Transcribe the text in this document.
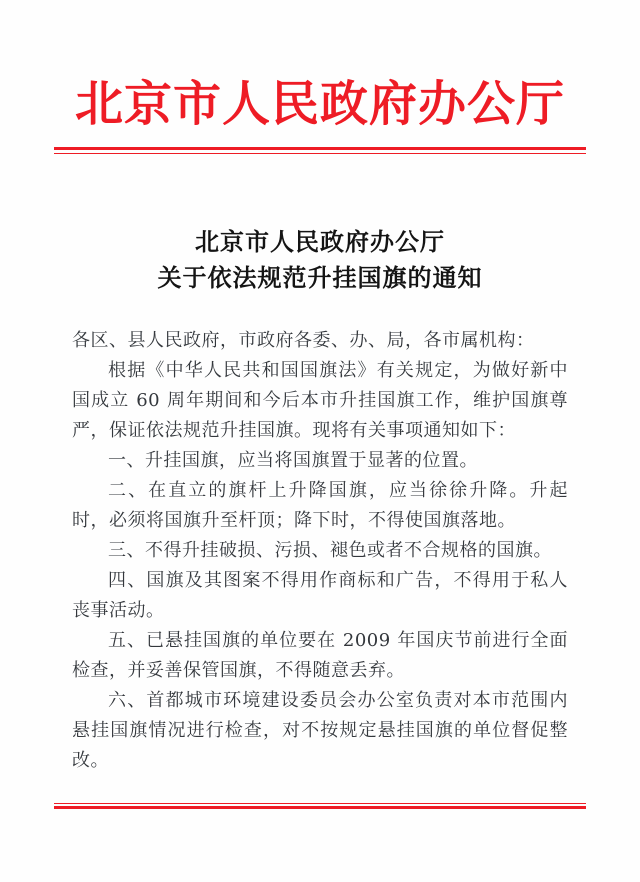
北京市人民政府办公厅
北京市人民政府办公厅
关于依法规范升挂国旗的通知

各区、县人民政府，市政府各委、办、局，各市属机构：

根据《中华人民共和国国旗法》有关规定，为做好新中国成立 60 周年期间和今后本市升挂国旗工作，维护国旗尊严，保证依法规范升挂国旗。现将有关事项通知如下：

一、升挂国旗，应当将国旗置于显著的位置。

二、在直立的旗杆上升降国旗，应当徐徐升降。升起时，必须将国旗升至杆顶；降下时，不得使国旗落地。

三、不得升挂破损、污损、褪色或者不合规格的国旗。

四、国旗及其图案不得用作商标和广告，不得用于私人丧事活动。

五、已悬挂国旗的单位要在 2009 年国庆节前进行全面检查，并妥善保管国旗，不得随意丢弃。

六、首都城市环境建设委员会办公室负责对本市范围内悬挂国旗情况进行检查，对不按规定悬挂国旗的单位督促整改。
